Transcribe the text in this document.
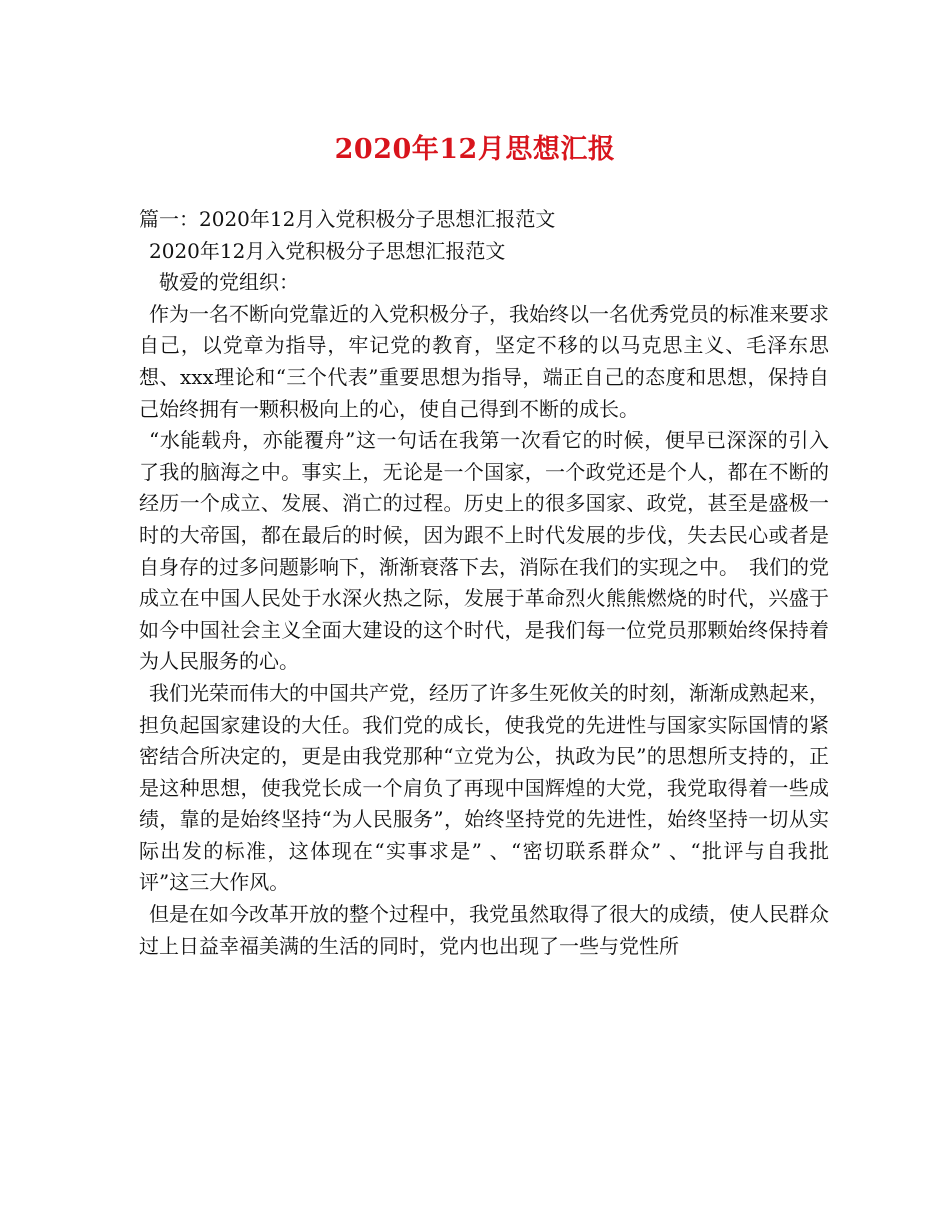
2020年12月思想汇报

篇一：2020年12月入党积极分子思想汇报范文

2020年12月入党积极分子思想汇报范文

敬爱的党组织：

作为一名不断向党靠近的入党积极分子，我始终以一名优秀党员的标准来要求自己，以党章为指导，牢记党的教育，坚定不移的以马克思主义、毛泽东思想、xxx理论和“三个代表”重要思想为指导，端正自己的态度和思想，保持自己始终拥有一颗积极向上的心，使自己得到不断的成长。

“水能载舟，亦能覆舟”这一句话在我第一次看它的时候，便早已深深的引入了我的脑海之中。事实上，无论是一个国家，一个政党还是个人，都在不断的经历一个成立、发展、消亡的过程。历史上的很多国家、政党，甚至是盛极一时的大帝国，都在最后的时候，因为跟不上时代发展的步伐，失去民心或者是自身存的过多问题影响下，渐渐衰落下去，消际在我们的实现之中。　我们的党成立在中国人民处于水深火热之际，发展于革命烈火熊熊燃烧的时代，兴盛于如今中国社会主义全面大建设的这个时代，是我们每一位党员那颗始终保持着为人民服务的心。

我们光荣而伟大的中国共产党，经历了许多生死攸关的时刻，渐渐成熟起来，担负起国家建设的大任。我们党的成长，使我党的先进性与国家实际国情的紧密结合所决定的，更是由我党那种“立党为公，执政为民”的思想所支持的，正是这种思想，使我党长成一个肩负了再现中国辉煌的大党，我党取得着一些成绩，靠的是始终坚持“为人民服务”，始终坚持党的先进性，始终坚持一切从实际出发的标准，这体现在“实事求是” 、“密切联系群众” 、“批评与自我批评”这三大作风。

但是在如今改革开放的整个过程中，我党虽然取得了很大的成绩，使人民群众过上日益幸福美满的生活的同时，党内也出现了一些与党性所
